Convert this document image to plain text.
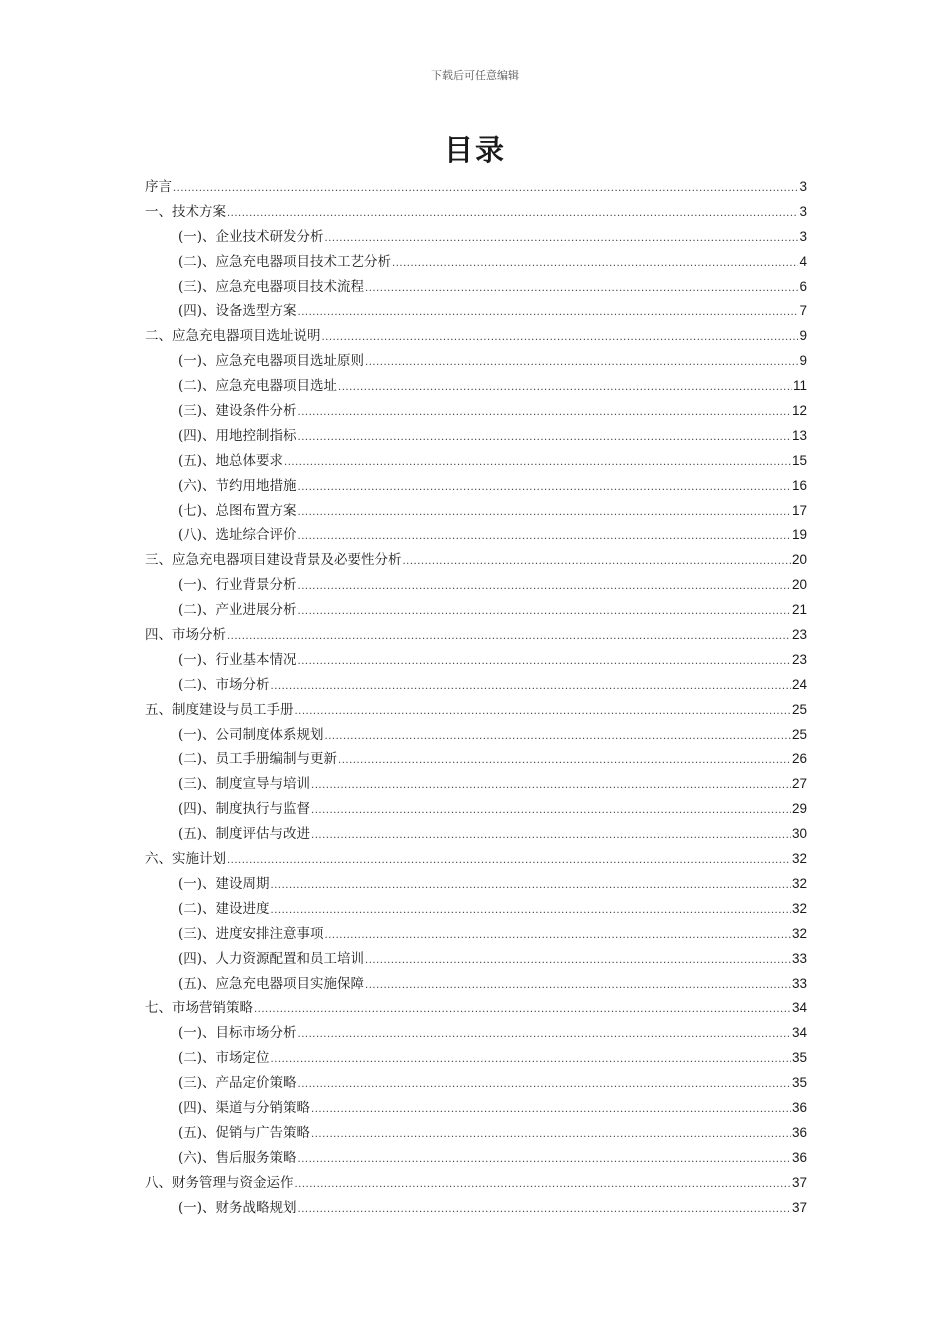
下载后可任意编辑
目录
序言 .....	3
一、技术方案 .....	3
(一)、企业技术研发分析 .....	3
(二)、应急充电器项目技术工艺分析 .....	4
(三)、应急充电器项目技术流程 .....	6
(四)、设备选型方案 .....	7
二、应急充电器项目选址说明 .....	9
(一)、应急充电器项目选址原则 .....	9
(二)、应急充电器项目选址 .....	11
(三)、建设条件分析 .....	12
(四)、用地控制指标 .....	13
(五)、地总体要求 .....	15
(六)、节约用地措施 .....	16
(七)、总图布置方案 .....	17
(八)、选址综合评价 .....	19
三、应急充电器项目建设背景及必要性分析 .....	20
(一)、行业背景分析 .....	20
(二)、产业进展分析 .....	21
四、市场分析 .....	23
(一)、行业基本情况 .....	23
(二)、市场分析 .....	24
五、制度建设与员工手册 .....	25
(一)、公司制度体系规划 .....	25
(二)、员工手册编制与更新 .....	26
(三)、制度宣导与培训 .....	27
(四)、制度执行与监督 .....	29
(五)、制度评估与改进 .....	30
六、实施计划 .....	32
(一)、建设周期 .....	32
(二)、建设进度 .....	32
(三)、进度安排注意事项 .....	32
(四)、人力资源配置和员工培训 .....	33
(五)、应急充电器项目实施保障 .....	33
七、市场营销策略 .....	34
(一)、目标市场分析 .....	34
(二)、市场定位 .....	35
(三)、产品定价策略 .....	35
(四)、渠道与分销策略 .....	36
(五)、促销与广告策略 .....	36
(六)、售后服务策略 .....	36
八、财务管理与资金运作 .....	37
(一)、财务战略规划 .....	37
